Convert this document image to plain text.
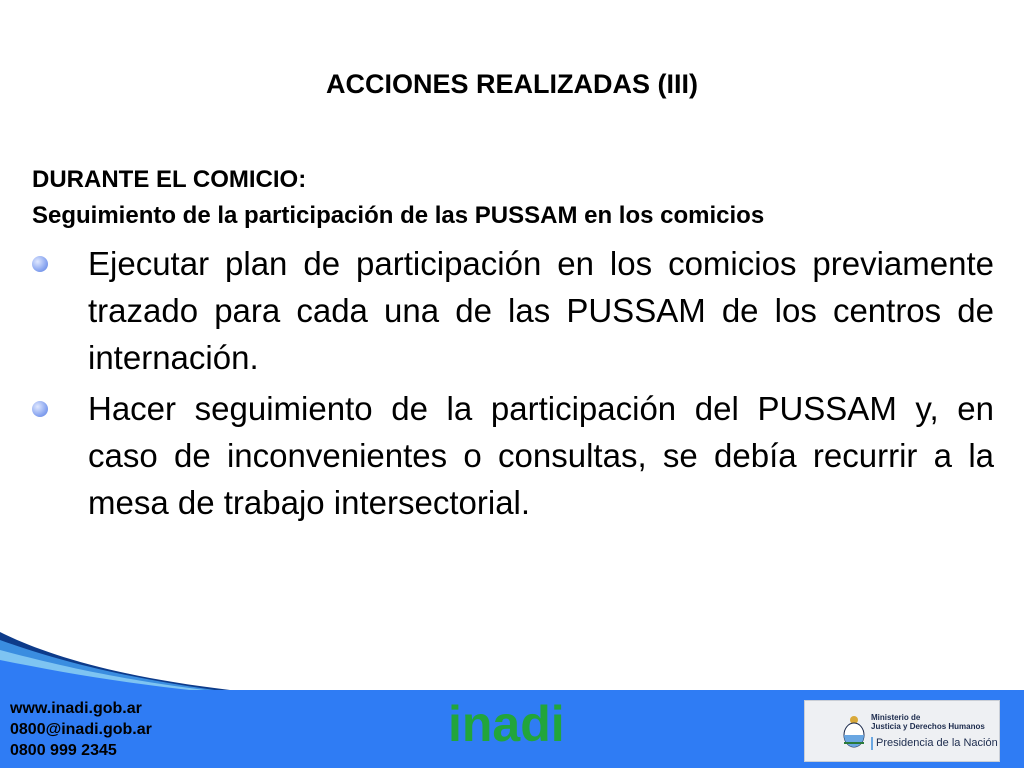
ACCIONES REALIZADAS (III)
DURANTE EL COMICIO:
Seguimiento de la participación de las PUSSAM en los comicios
Ejecutar plan de participación en los comicios previamente trazado para cada una de las PUSSAM de los centros de internación.
Hacer seguimiento de la participación del PUSSAM y, en caso de inconvenientes o consultas, se debía recurrir a la mesa de trabajo intersectorial.
www.inadi.gob.ar
0800@inadi.gob.ar
0800 999 2345	inadi	Ministerio de
Justicia y Derechos Humanos
Presidencia de la Nación
